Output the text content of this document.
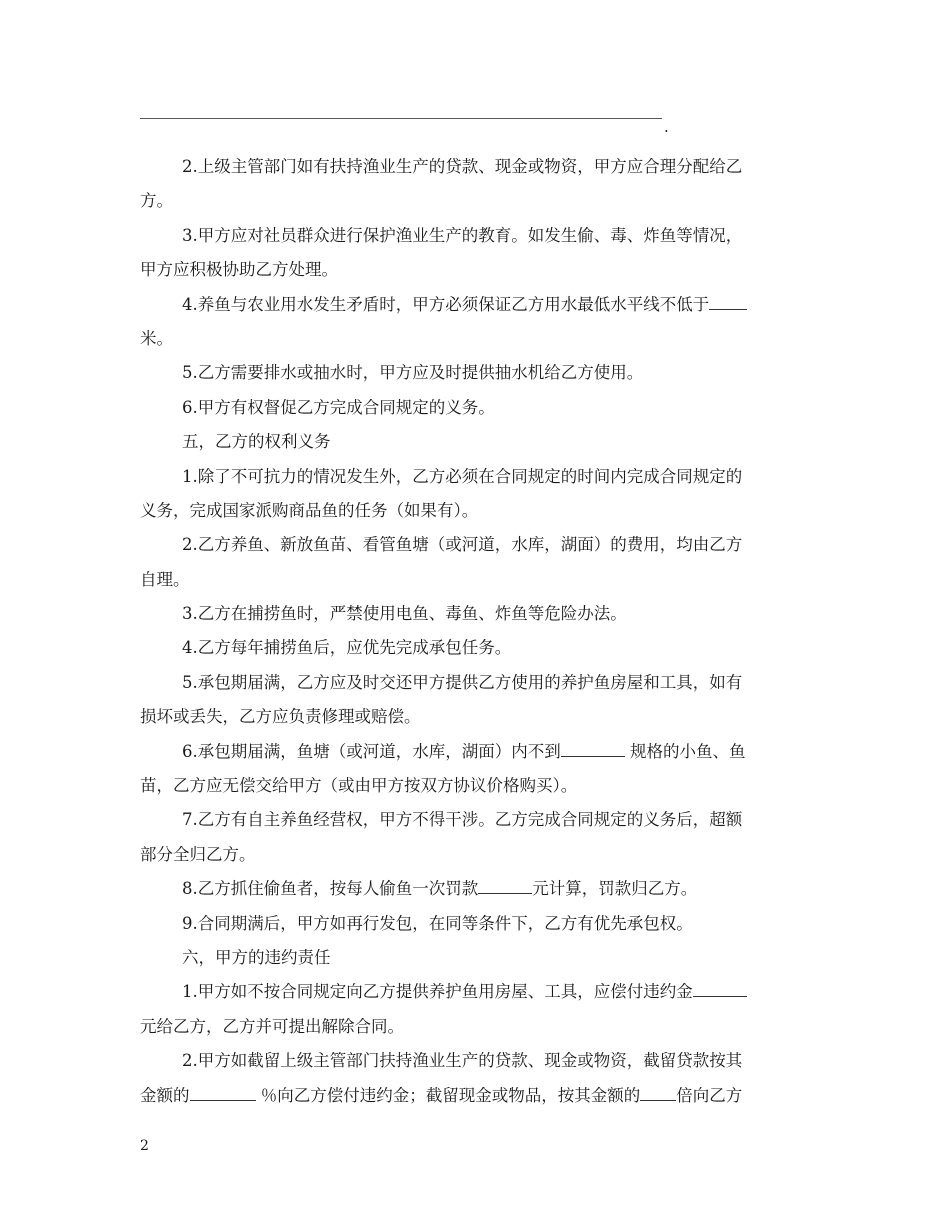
.
2.上级主管部门如有扶持渔业生产的贷款、现金或物资，甲方应合理分配给乙
方。
3.甲方应对社员群众进行保护渔业生产的教育。如发生偷、毒、炸鱼等情况，
甲方应积极协助乙方处理。
4.养鱼与农业用水发生矛盾时，甲方必须保证乙方用水最低水平线不低于
米。
5.乙方需要排水或抽水时，甲方应及时提供抽水机给乙方使用。
6.甲方有权督促乙方完成合同规定的义务。
五，乙方的权利义务
1.除了不可抗力的情况发生外，乙方必须在合同规定的时间内完成合同规定的
义务，完成国家派购商品鱼的任务（如果有）。
2.乙方养鱼、新放鱼苗、看管鱼塘（或河道，水库，湖面）的费用，均由乙方
自理。
3.乙方在捕捞鱼时，严禁使用电鱼、毒鱼、炸鱼等危险办法。
4.乙方每年捕捞鱼后，应优先完成承包任务。
5.承包期届满，乙方应及时交还甲方提供乙方使用的养护鱼房屋和工具，如有
损坏或丢失，乙方应负责修理或赔偿。
6.承包期届满，鱼塘（或河道，水库，湖面）内不到	规格的小鱼、鱼
苗，乙方应无偿交给甲方（或由甲方按双方协议价格购买）。
7.乙方有自主养鱼经营权，甲方不得干涉。乙方完成合同规定的义务后，超额
部分全归乙方。
8.乙方抓住偷鱼者，按每人偷鱼一次罚款	元计算，罚款归乙方。
9.合同期满后，甲方如再行发包，在同等条件下，乙方有优先承包权。
六，甲方的违约责任
1.甲方如不按合同规定向乙方提供养护鱼用房屋、工具，应偿付违约金
元给乙方，乙方并可提出解除合同。
2.甲方如截留上级主管部门扶持渔业生产的贷款、现金或物资，截留贷款按其
金额的	％向乙方偿付违约金；截留现金或物品，按其金额的 倍向乙方
2
